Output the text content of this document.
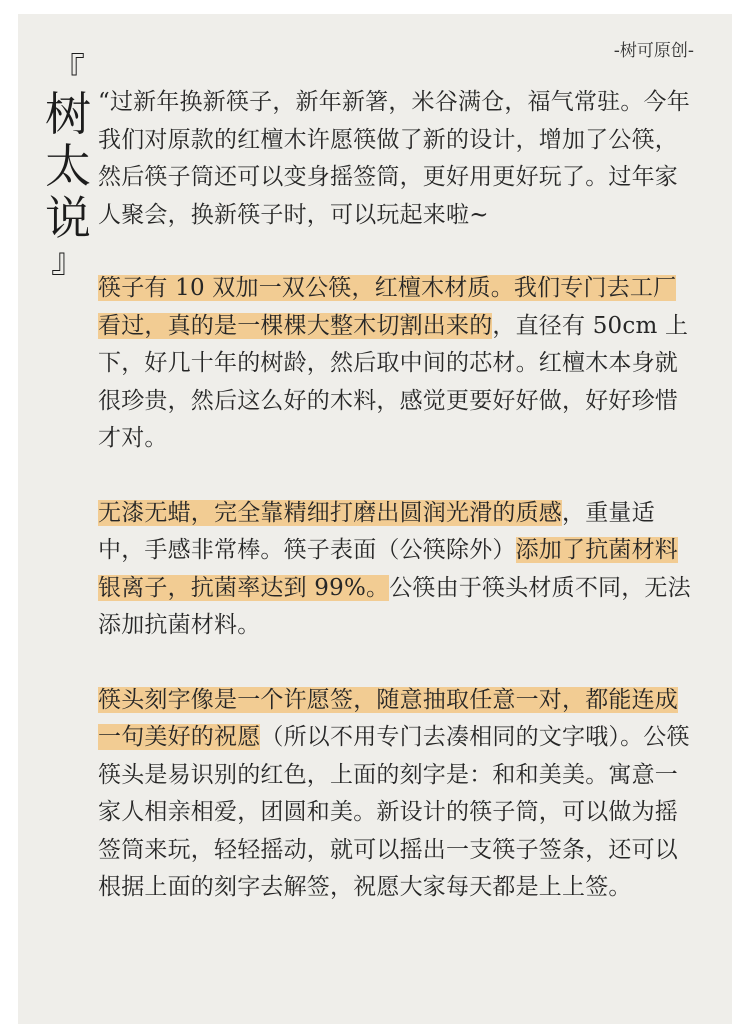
-树可原创-
『
树
太
说
』

“过新年换新筷子，新年新箸，米谷满仓，福气常驻。今年我们对原款的红檀木许愿筷做了新的设计，增加了公筷，然后筷子筒还可以变身摇签筒，更好用更好玩了。过年家人聚会，换新筷子时，可以玩起来啦~

筷子有 10 双加一双公筷，红檀木材质。我们专门去工厂看过，真的是一棵棵大整木切割出来的，直径有 50cm 上下，好几十年的树龄，然后取中间的芯材。红檀木本身就很珍贵，然后这么好的木料，感觉更要好好做，好好珍惜才对。

无漆无蜡，完全靠精细打磨出圆润光滑的质感，重量适中，手感非常棒。筷子表面（公筷除外）添加了抗菌材料银离子，抗菌率达到 99%。公筷由于筷头材质不同，无法添加抗菌材料。

筷头刻字像是一个许愿签，随意抽取任意一对，都能连成一句美好的祝愿（所以不用专门去凑相同的文字哦）。公筷筷头是易识别的红色，上面的刻字是：和和美美。寓意一家人相亲相爱，团圆和美。新设计的筷子筒，可以做为摇签筒来玩，轻轻摇动，就可以摇出一支筷子签条，还可以根据上面的刻字去解签，祝愿大家每天都是上上签。
